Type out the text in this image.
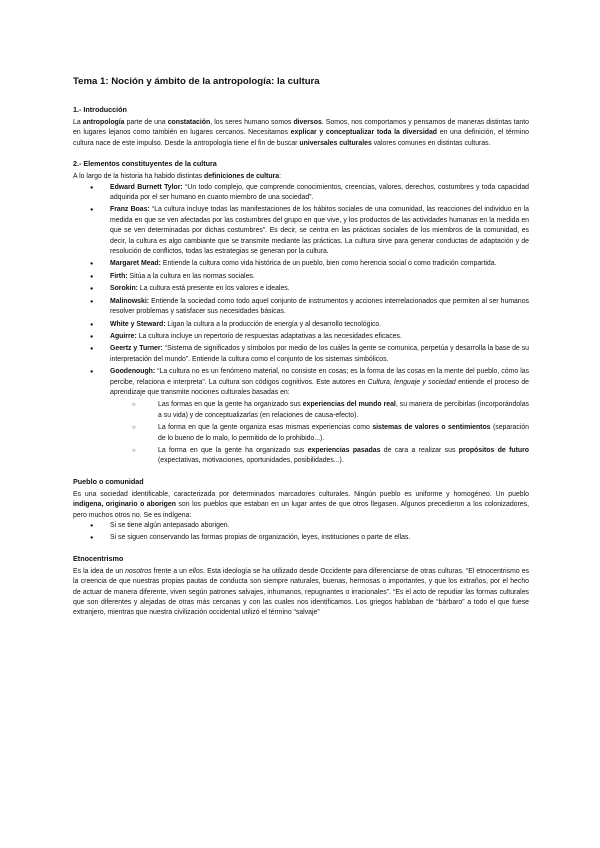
Tema 1: Noción y ámbito de la antropología: la cultura
1.- Introducción

La antropología parte de una constatación, los seres humano somos diversos. Somos, nos comportamos y pensamos de maneras distintas tanto en lugares lejanos como también en lugares cercanos. Necesitamos explicar y conceptualizar toda la diversidad en una definición, el término cultura nace de este impulso. Desde la antropología tiene el fin de buscar universales culturales valores comunes en distintas culturas.

2.- Elementos constituyentes de la cultura

A lo largo de la historia ha habido distintas definiciones de cultura:

● Edward Burnett Tylor: “Un todo complejo, que comprende conocimientos, creencias, valores, derechos, costumbres y toda capacidad adquirida por el ser humano en cuanto miembro de una sociedad”.
● Franz Boas: “La cultura incluye todas las manifestaciones de los hábitos sociales de una comunidad, las reacciones del individuo en la medida en que se ven afectadas por las costumbres del grupo en que vive, y los productos de las actividades humanas en la medida en que se ven determinadas por dichas costumbres”. Es decir, se centra en las prácticas sociales de los miembros de la comunidad, es decir, la cultura es algo cambiante que se transmite mediante las prácticas. La cultura sirve para generar conductas de adaptación y de resolución de conflictos, todas las estrategias se generan por la cultura.
● Margaret Mead: Entiende la cultura como vida histórica de un pueblo, bien como herencia social o como tradición compartida.
● Firth: Sitúa a la cultura en las normas sociales.
● Sorokin: La cultura está presente en los valores e ideales.
● Malinowski: Entiende la sociedad como todo aquel conjunto de instrumentos y acciones interrelacionados que permiten al ser humanos resolver problemas y satisfacer sus necesidades básicas.
● White y Steward: Ligan la cultura a la producción de energía y al desarrollo tecnológico.
● Aguirre: La cultura incluye un repertorio de respuestas adaptativas a las necesidades eficaces.
● Geertz y Turner: “Sistema de significados y símbolos por medio de los cuáles la gente se comunica, perpetúa y desarrolla la base de su interpretación del mundo”. Entiende la cultura como el conjunto de los sistemas simbólicos.
● Goodenough: “La cultura no es un fenómeno material, no consiste en cosas; es la forma de las cosas en la mente del pueblo, cómo las percibe, relaciona e interpreta”. La cultura son códigos cognitivos. Este autores en Cultura, lenguaje y sociedad entiende el proceso de aprendizaje que transmite nociones culturales basadas en:
○ Las formas en que la gente ha organizado sus experiencias del mundo real, su manera de percibirlas (incorporándolas a su vida) y de conceptualizarlas (en relaciones de causa-efecto).
○ La forma en que la gente organiza esas mismas experiencias como sistemas de valores o sentimientos (separación de lo bueno de lo malo, lo permitido de lo prohibido...).
○ La forma en que la gente ha organizado sus experiencias pasadas de cara a realizar sus propósitos de futuro (expectativas, motivaciones, oportunidades, posibilidades...).
Pueblo o comunidad

Es una sociedad identificable, caracterizada por determinados marcadores culturales. Ningún pueblo es uniforme y homogéneo. Un pueblo indígena, originario o aborigen son los pueblos que estaban en un lugar antes de que otros llegasen. Algunos precedieron a los colonizadores, pero muchos otros no. Se es indígena:

● Si se tiene algún antepasado aborigen.
● Si se siguen conservando las formas propias de organización, leyes, instituciones o parte de ellas.
Etnocentrismo

Es la idea de un nosotros frente a un ellos. Esta ideología se ha utilizado desde Occidente para diferenciarse de otras culturas. “El etnocentrismo es la creencia de que nuestras propias pautas de conducta son siempre naturales, buenas, hermosas o importantes, y que los extraños, por el hecho de actuar de manera diferente, viven según patrones salvajes, inhumanos, repugnantes o irracionales”. “Es el acto de repudiar las formas culturales que son diferentes y alejadas de otras más cercanas y con las cuales nos identificamos. Los griegos hablaban de “bárbaro” a todo el que fuese extranjero, mientras que nuestra civilización occidental utilizó el término “salvaje”
